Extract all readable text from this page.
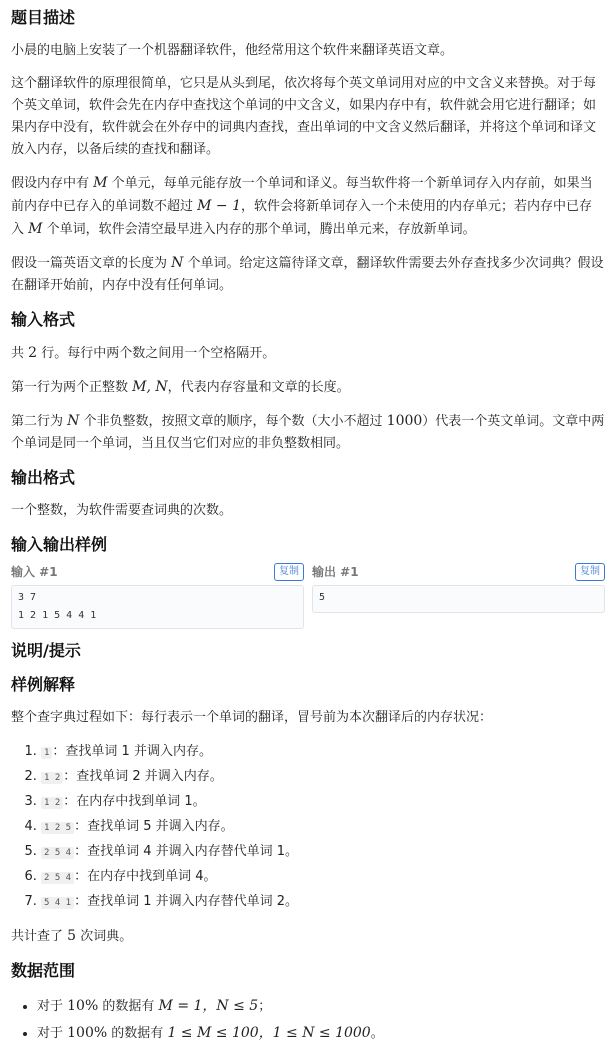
题目描述

小晨的电脑上安装了一个机器翻译软件，他经常用这个软件来翻译英语文章。

这个翻译软件的原理很简单，它只是从头到尾，依次将每个英文单词用对应的中文含义来替换。对于每个英文单词，软件会先在内存中查找这个单词的中文含义，如果内存中有，软件就会用它进行翻译；如果内存中没有，软件就会在外存中的词典内查找，查出单词的中文含义然后翻译，并将这个单词和译文放入内存，以备后续的查找和翻译。

假设内存中有 M 个单元，每单元能存放一个单词和译义。每当软件将一个新单词存入内存前，如果当前内存中已存入的单词数不超过 M − 1，软件会将新单词存入一个未使用的内存单元；若内存中已存入 M 个单词，软件会清空最早进入内存的那个单词，腾出单元来，存放新单词。

假设一篇英语文章的长度为 N 个单词。给定这篇待译文章，翻译软件需要去外存查找多少次词典？假设在翻译开始前，内存中没有任何单词。

输入格式

共 2 行。每行中两个数之间用一个空格隔开。

第一行为两个正整数 M, N，代表内存容量和文章的长度。

第二行为 N 个非负整数，按照文章的顺序，每个数（大小不超过 1000）代表一个英文单词。文章中两个单词是同一个单词，当且仅当它们对应的非负整数相同。

输出格式

一个整数，为软件需要查词典的次数。

输入输出样例
输入 #1	复制
3 7
1 2 1 5 4 4 1
输出 #1	复制
5
说明/提示
样例解释

整个查字典过程如下：每行表示一个单词的翻译，冒号前为本次翻译后的内存状况：

1. 1 ：查找单词 1 并调入内存。
2. 1 2 ：查找单词 2 并调入内存。
3. 1 2 ：在内存中找到单词 1。
4. 1 2 5 ：查找单词 5 并调入内存。
5. 2 5 4 ：查找单词 4 并调入内存替代单词 1。
6. 2 5 4 ：在内存中找到单词 4。
7. 5 4 1 ：查找单词 1 并调入内存替代单词 2。

共计查了 5 次词典。

数据范围
• 对于 10% 的数据有 M = 1，N ≤ 5；
• 对于 100% 的数据有 1 ≤ M ≤ 100，1 ≤ N ≤ 1000。
